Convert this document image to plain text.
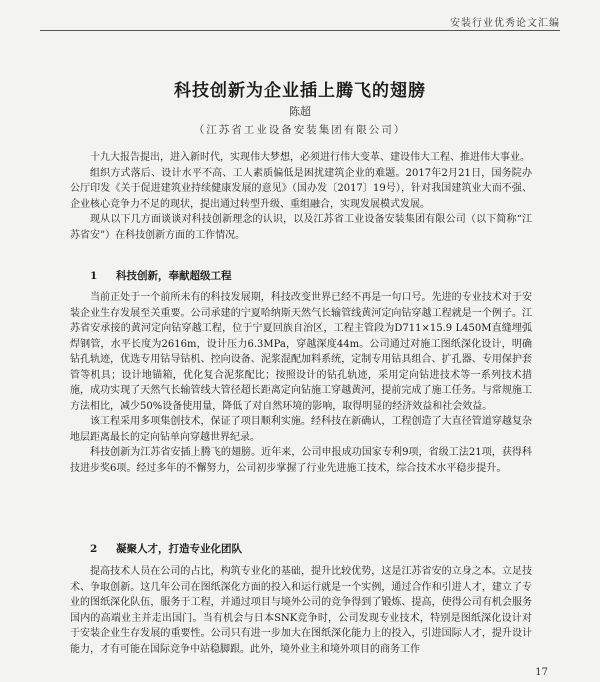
安装行业优秀论文汇编
科技创新为企业插上腾飞的翅膀
陈超
（江苏省工业设备安装集团有限公司）

十九大报告提出，进入新时代，实现伟大梦想，必须进行伟大变革、建设伟大工程、推进伟大事业。

组织方式落后、设计水平不高、工人素质偏低是困扰建筑企业的难题。2017年2月21日，国务院办公厅印发《关于促进建筑业持续健康发展的意见》（国办发〔2017〕19号），针对我国建筑业大而不强、企业核心竞争力不足的现状，提出通过转型升级、重组融合，实现发展模式发展。

现从以下几方面谈谈对科技创新理念的认识，以及江苏省工业设备安装集团有限公司（以下简称“江苏省安”）在科技创新方面的工作情况。

1 科技创新，奉献超级工程

当前正处于一个前所未有的科技发展期，科技改变世界已经不再是一句口号。先进的专业技术对于安装企业生存发展至关重要。公司承建的宁夏哈纳斯天然气长输管线黄河定向钻穿越工程就是一个例子。江苏省安承接的黄河定向钻穿越工程，位于宁夏回族自治区，工程主管段为D711×15.9 L450M直缝埋弧焊钢管，水平长度为2616m，设计压力6.3MPa，穿越深度44m。公司通过对施工图纸深化设计，明确钻孔轨迹，优选专用钻导钻机、控向设备、泥浆混配加料系统，定制专用钻具组合、扩孔器、专用保护套管等机具；设计地锚箱，优化复合泥浆配比；按照设计的钻孔轨迹，采用定向钻进技术等一系列技术措施，成功实现了天然气长输管线大管径超长距离定向钻施工穿越黄河，提前完成了施工任务。与常规施工方法相比，减少50%设备使用量，降低了对自然环境的影响，取得明显的经济效益和社会效益。

该工程采用多项集创技术，保证了项目顺利实施。经科技在新确认，工程创造了大直径管道穿越复杂地层距离最长的定向钻单向穿越世界纪录。

科技创新为江苏省安插上腾飞的翅膀。近年来，公司申报成功国家专利9项，省级工法21项，获得科技进步奖6项。经过多年的不懈努力，公司初步掌握了行业先进施工技术，综合技术水平稳步提升。

2 凝聚人才，打造专业化团队

提高技术人员在公司的占比，构筑专业化的基础，提升比较优势，这是江苏省安的立身之本。立足技术、争取创新。这几年公司在图纸深化方面的投入和运行就是一个实例，通过合作和引进人才，建立了专业的图纸深化队伍，服务于工程，并通过项目与境外公司的竞争得到了锻炼、提高，使得公司有机会服务国内的高端业主并走出国门。当有机会与日本SNK竞争时，公司发现专业技术，特别是图纸深化设计对于安装企业生存发展的重要性。公司只有进一步加大在图纸深化能力上的投入，引进国际人才，提升设计能力，才有可能在国际竞争中站稳脚跟。此外，境外业主和境外项目的商务工作

17
